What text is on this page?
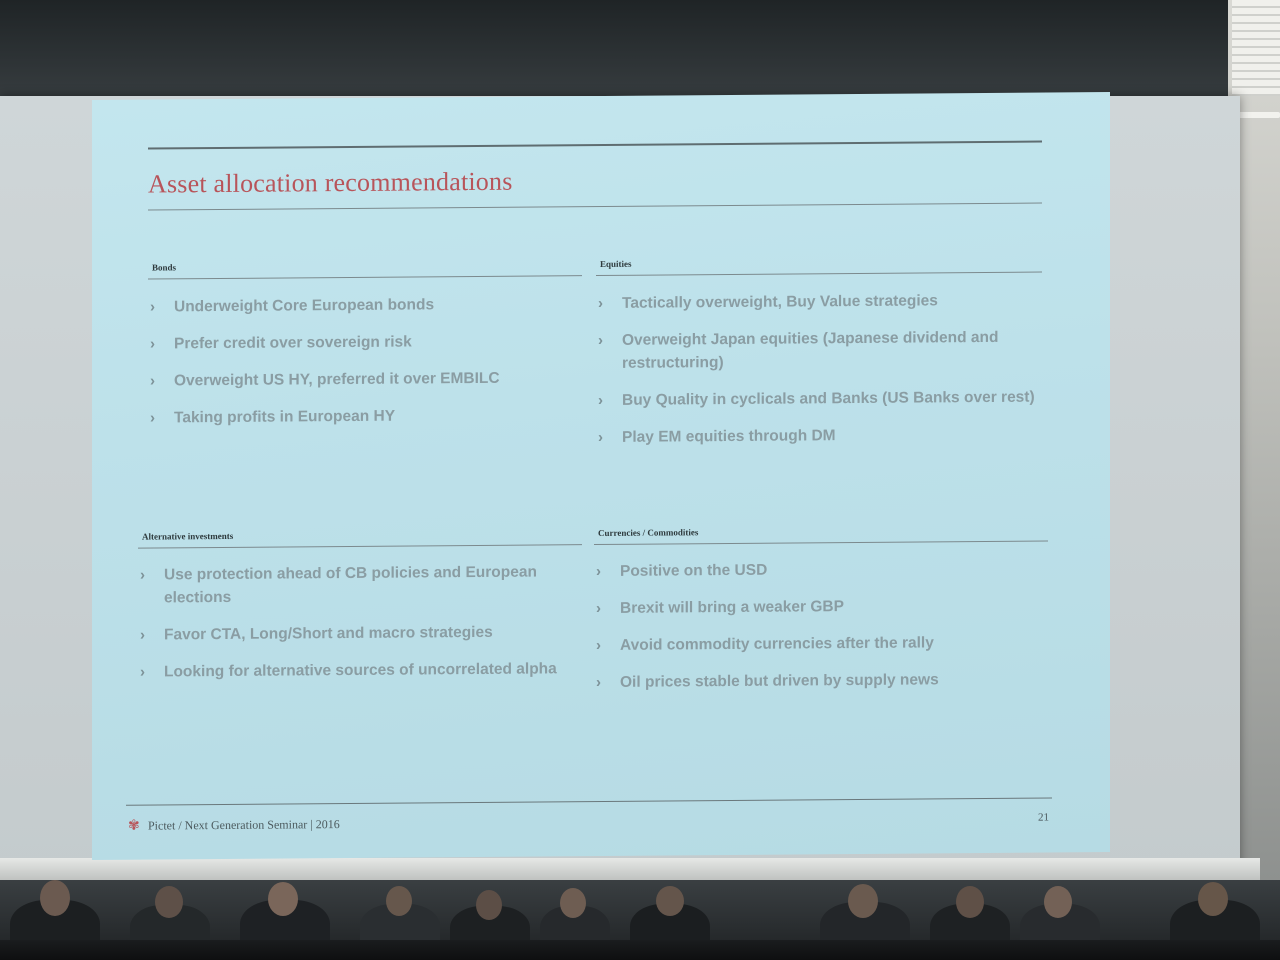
Asset allocation recommendations
Bonds
› Underweight Core European bonds
› Prefer credit over sovereign risk
› Overweight US HY, preferred it over EMBILC
› Taking profits in European HY
Equities
› Tactically overweight, Buy Value strategies
› Overweight Japan equities (Japanese dividend and restructuring)
› Buy Quality in cyclicals and Banks (US Banks over rest)
› Play EM equities through DM
Alternative investments
› Use protection ahead of CB policies and European elections
› Favor CTA, Long/Short and macro strategies
› Looking for alternative sources of uncorrelated alpha
Currencies / Commodities
› Positive on the USD
› Brexit will bring a weaker GBP
› Avoid commodity currencies after the rally
› Oil prices stable but driven by supply news
✾ Pictet / Next Generation Seminar | 2016	21
